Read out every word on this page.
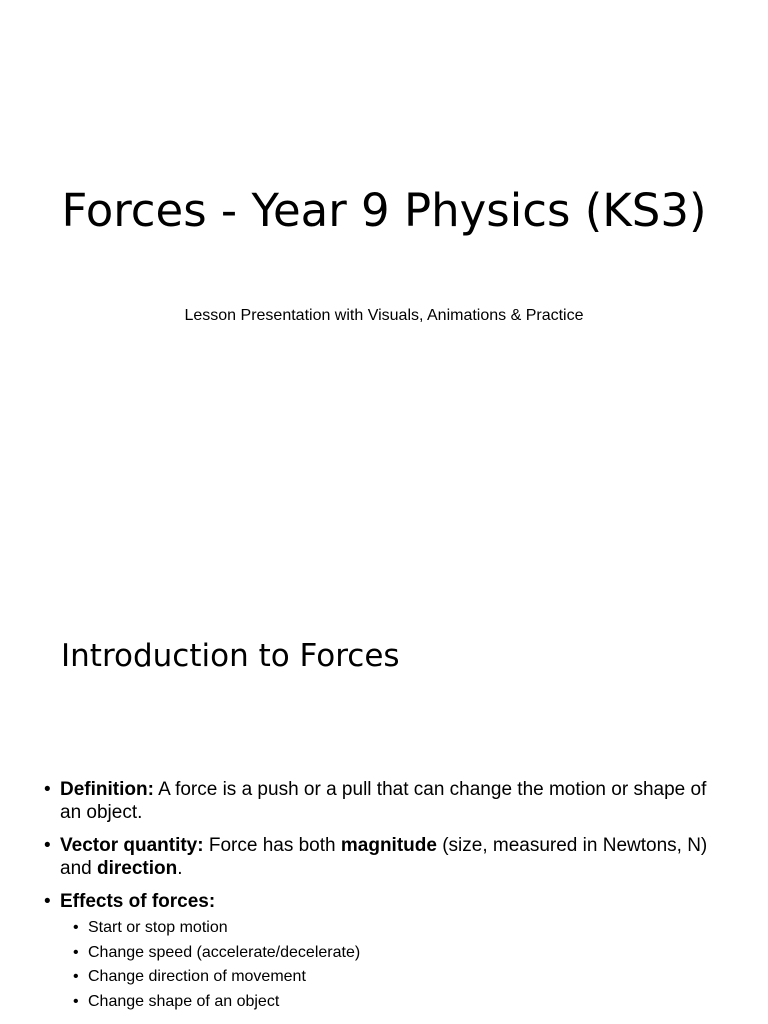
Forces - Year 9 Physics (KS3)
Lesson Presentation with Visuals, Animations & Practice
Introduction to Forces
• Definition: A force is a push or a pull that can change the motion or shape of an object.
• Vector quantity: Force has both magnitude (size, measured in Newtons, N) and direction.
• Effects of forces:
• Start or stop motion
• Change speed (accelerate/decelerate)
• Change direction of movement
• Change shape of an object
